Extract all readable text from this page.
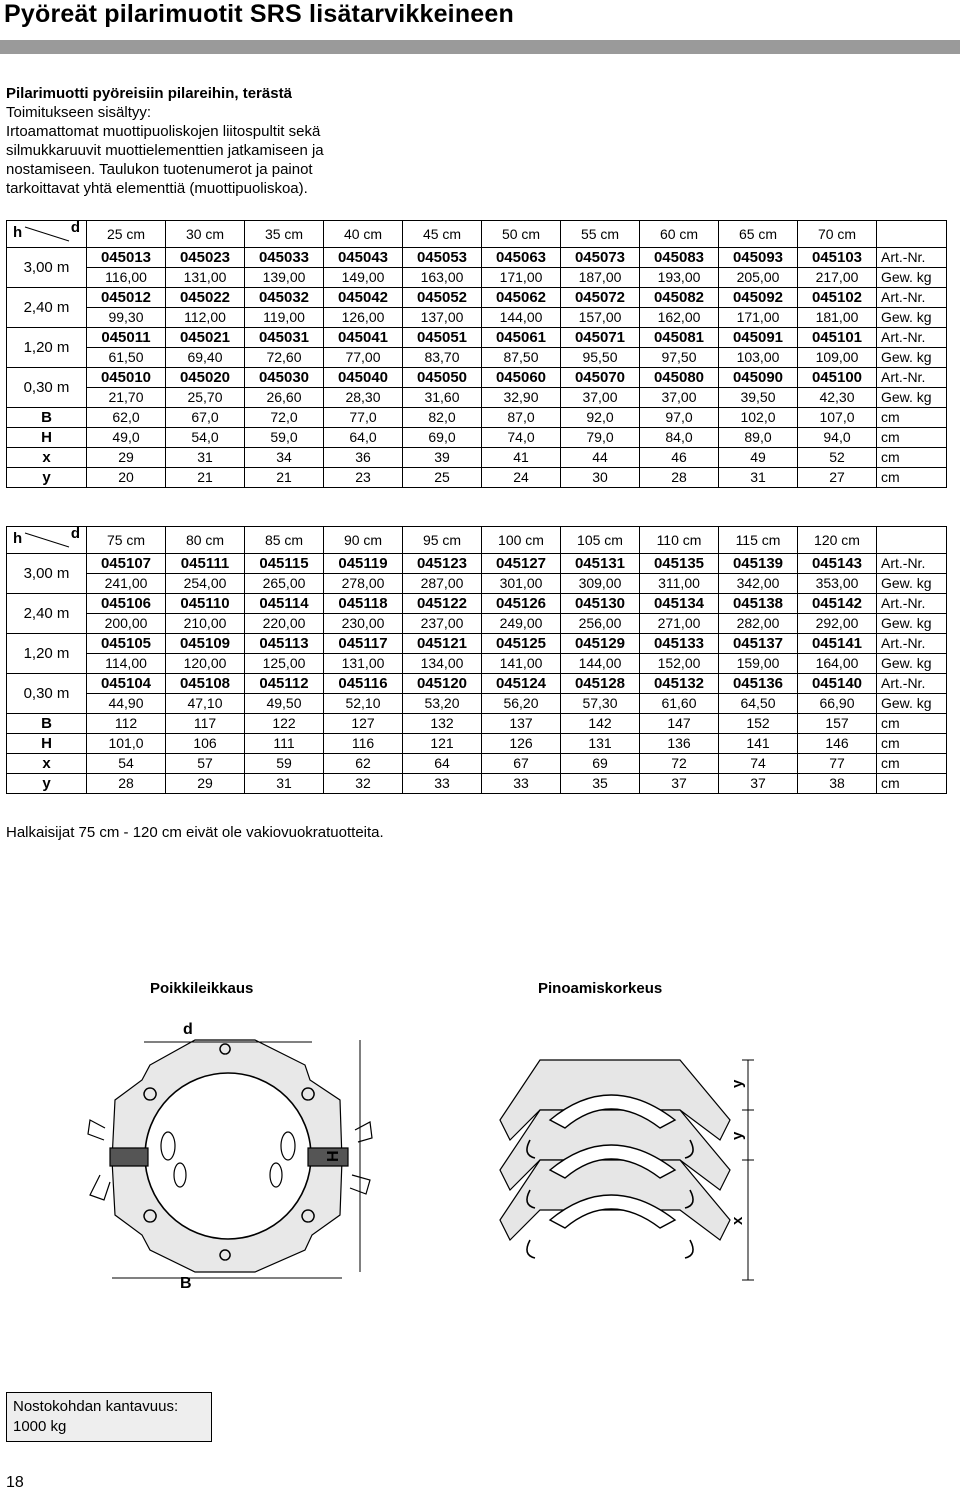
Pyöreät pilarimuotit SRS lisätarvikkeineen
Pilarimuotti pyöreisiin pilareihin, terästä
Toimitukseen sisältyy:
Irtoamattomat muottipuoliskojen liitospultit sekä
silmukkaruuvit muottielementtien jatkamiseen ja
nostamiseen. Taulukon tuotenumerot ja painot
tarkoittavat yhtä elementtiä (muottipuoliskoa).
h d	25 cm	30 cm	35 cm	40 cm	45 cm	50 cm	55 cm	60 cm	65 cm	70 cm	
3,00 m	045013	045023	045033	045043	045053	045063	045073	045083	045093	045103	Art.-Nr.
	116,00	131,00	139,00	149,00	163,00	171,00	187,00	193,00	205,00	217,00	Gew. kg
2,40 m	045012	045022	045032	045042	045052	045062	045072	045082	045092	045102	Art.-Nr.
	99,30	112,00	119,00	126,00	137,00	144,00	157,00	162,00	171,00	181,00	Gew. kg
1,20 m	045011	045021	045031	045041	045051	045061	045071	045081	045091	045101	Art.-Nr.
	61,50	69,40	72,60	77,00	83,70	87,50	95,50	97,50	103,00	109,00	Gew. kg
0,30 m	045010	045020	045030	045040	045050	045060	045070	045080	045090	045100	Art.-Nr.
	21,70	25,70	26,60	28,30	31,60	32,90	37,00	37,00	39,50	42,30	Gew. kg
B	62,0	67,0	72,0	77,0	82,0	87,0	92,0	97,0	102,0	107,0	cm
H	49,0	54,0	59,0	64,0	69,0	74,0	79,0	84,0	89,0	94,0	cm
x	29	31	34	36	39	41	44	46	49	52	cm
y	20	21	21	23	25	24	30	28	31	27	cm
h d	75 cm	80 cm	85 cm	90 cm	95 cm	100 cm	105 cm	110 cm	115 cm	120 cm	
3,00 m	045107	045111	045115	045119	045123	045127	045131	045135	045139	045143	Art.-Nr.
	241,00	254,00	265,00	278,00	287,00	301,00	309,00	311,00	342,00	353,00	Gew. kg
2,40 m	045106	045110	045114	045118	045122	045126	045130	045134	045138	045142	Art.-Nr.
	200,00	210,00	220,00	230,00	237,00	249,00	256,00	271,00	282,00	292,00	Gew. kg
1,20 m	045105	045109	045113	045117	045121	045125	045129	045133	045137	045141	Art.-Nr.
	114,00	120,00	125,00	131,00	134,00	141,00	144,00	152,00	159,00	164,00	Gew. kg
0,30 m	045104	045108	045112	045116	045120	045124	045128	045132	045136	045140	Art.-Nr.
	44,90	47,10	49,50	52,10	53,20	56,20	57,30	61,60	64,50	66,90	Gew. kg
B	112	117	122	127	132	137	142	147	152	157	cm
H	101,0	106	111	116	121	126	131	136	141	146	cm
x	54	57	59	62	64	67	69	72	74	77	cm
y	28	29	31	32	33	33	35	37	37	38	cm
Halkaisijat 75 cm - 120 cm eivät ole vakiovuokratuotteita.
Poikkileikkaus	Pinoamiskorkeus
d
H
B
y
y
x
Nostokohdan kantavuus:
1000 kg
18
